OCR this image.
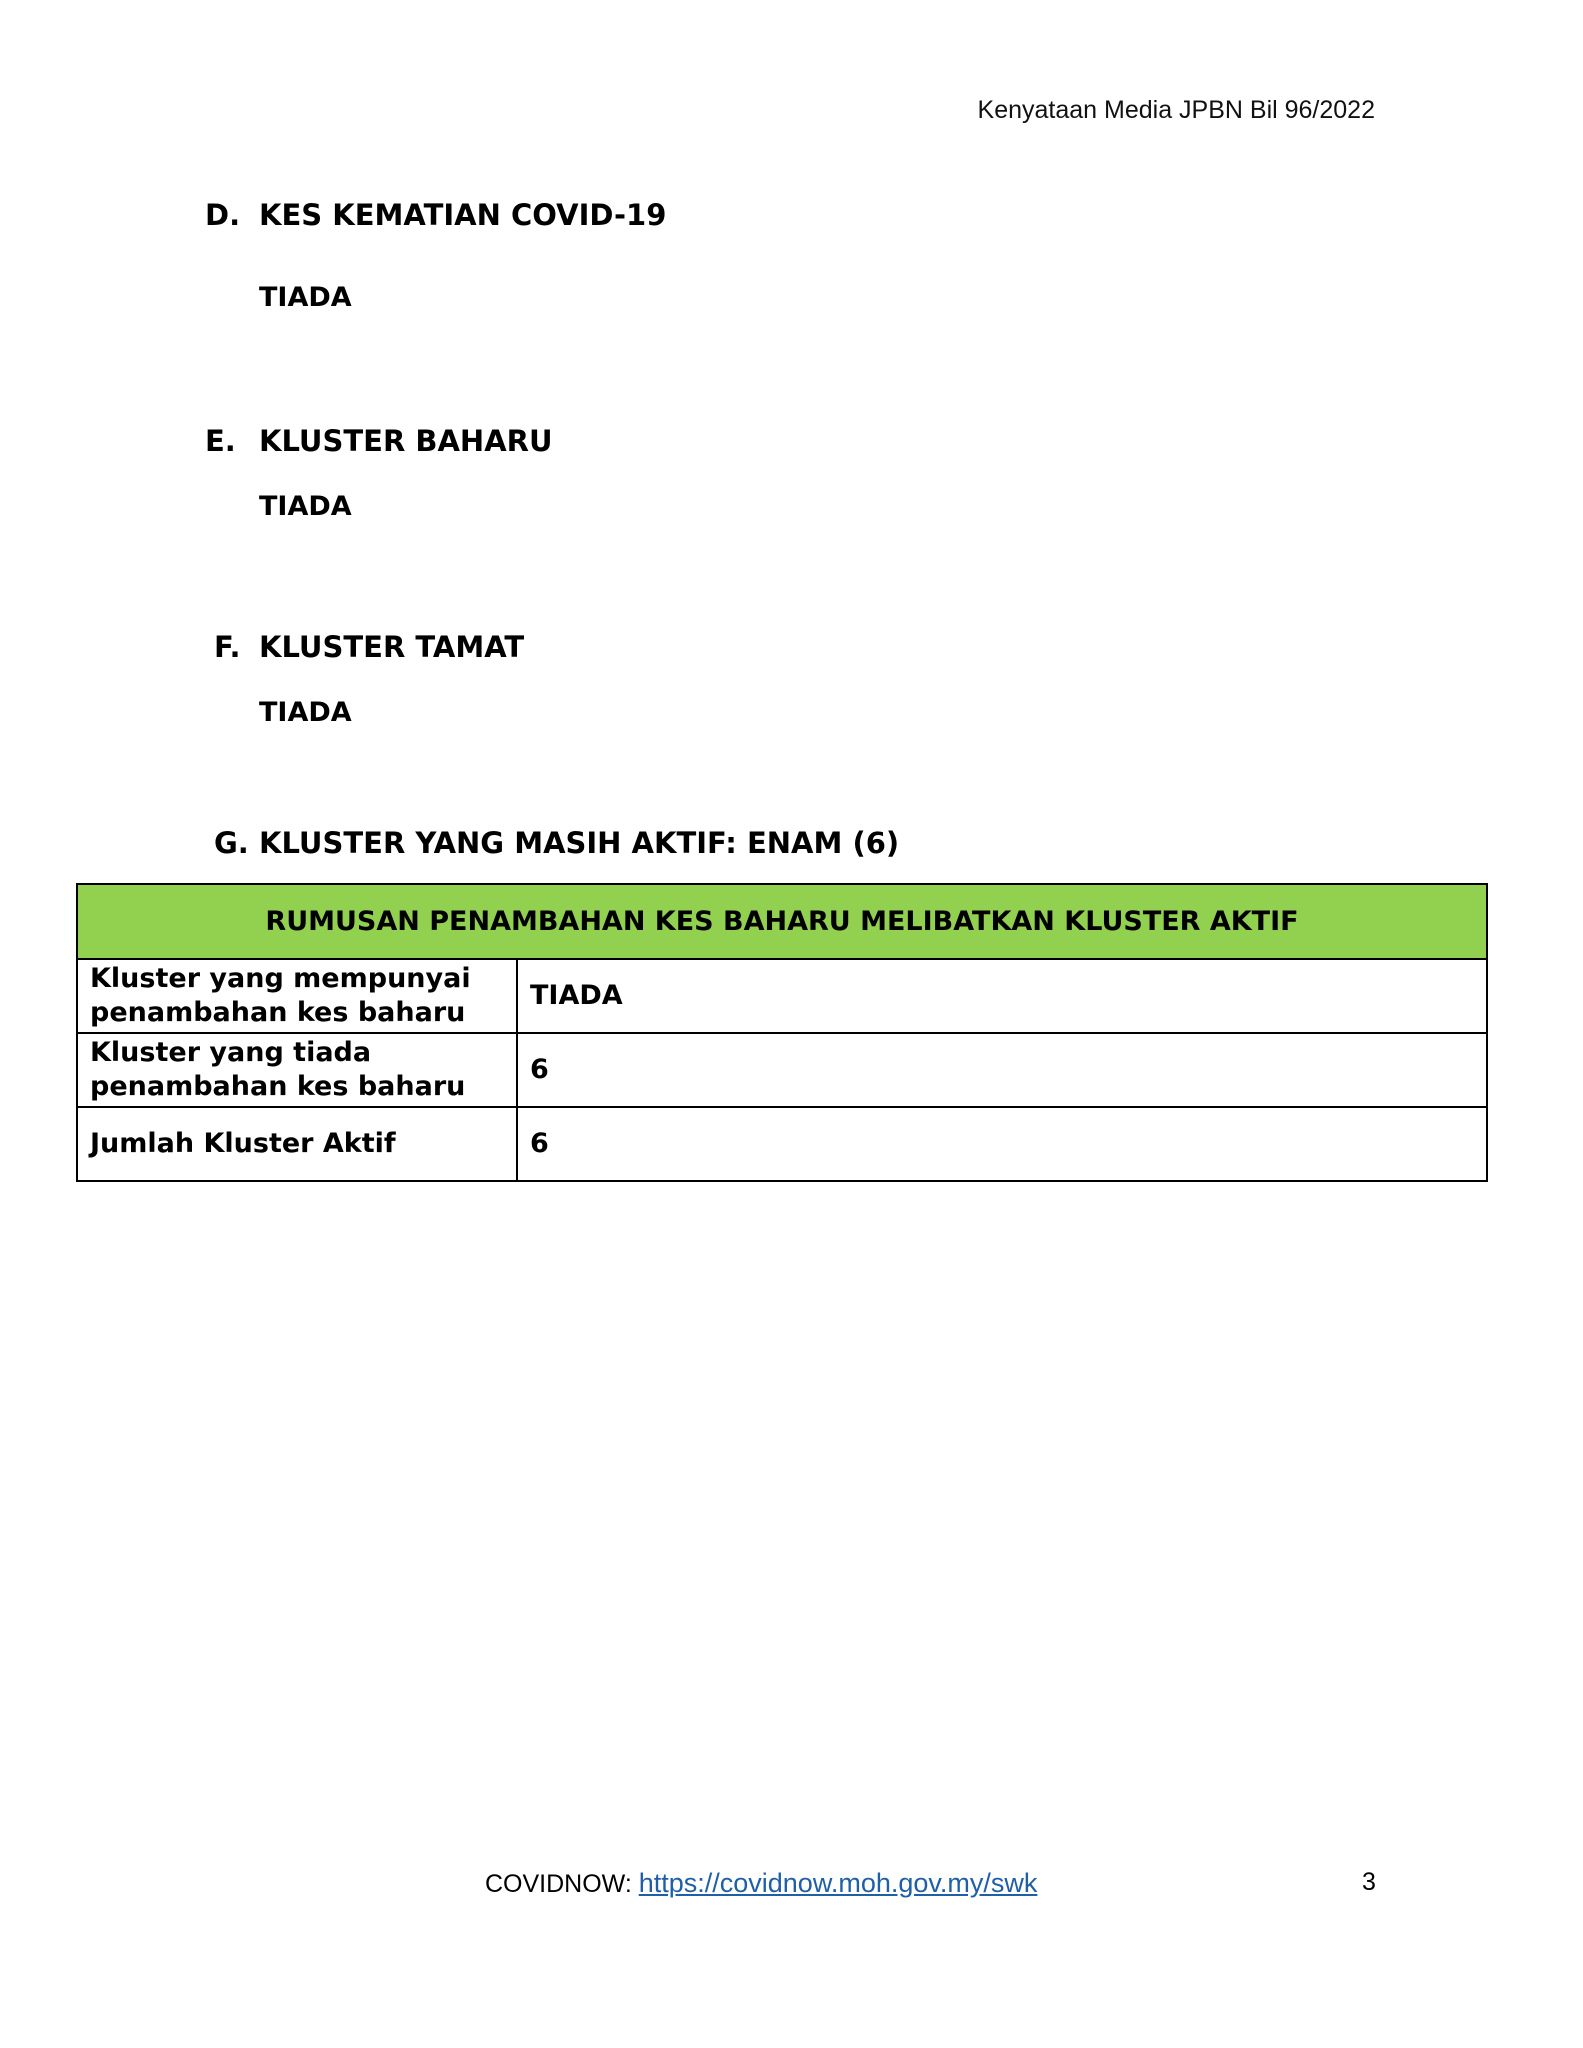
Kenyataan Media JPBN Bil 96/2022
D. KES KEMATIAN COVID-19
TIADA
E. KLUSTER BAHARU
TIADA
F. KLUSTER TAMAT
TIADA
G. KLUSTER YANG MASIH AKTIF: ENAM (6)
RUMUSAN PENAMBAHAN KES BAHARU MELIBATKAN KLUSTER AKTIF	
Kluster yang mempunyai
penambahan kes baharu	TIADA
Kluster yang tiada
penambahan kes baharu	6
Jumlah Kluster Aktif	6
COVIDNOW: https://covidnow.moh.gov.my/swk	3
